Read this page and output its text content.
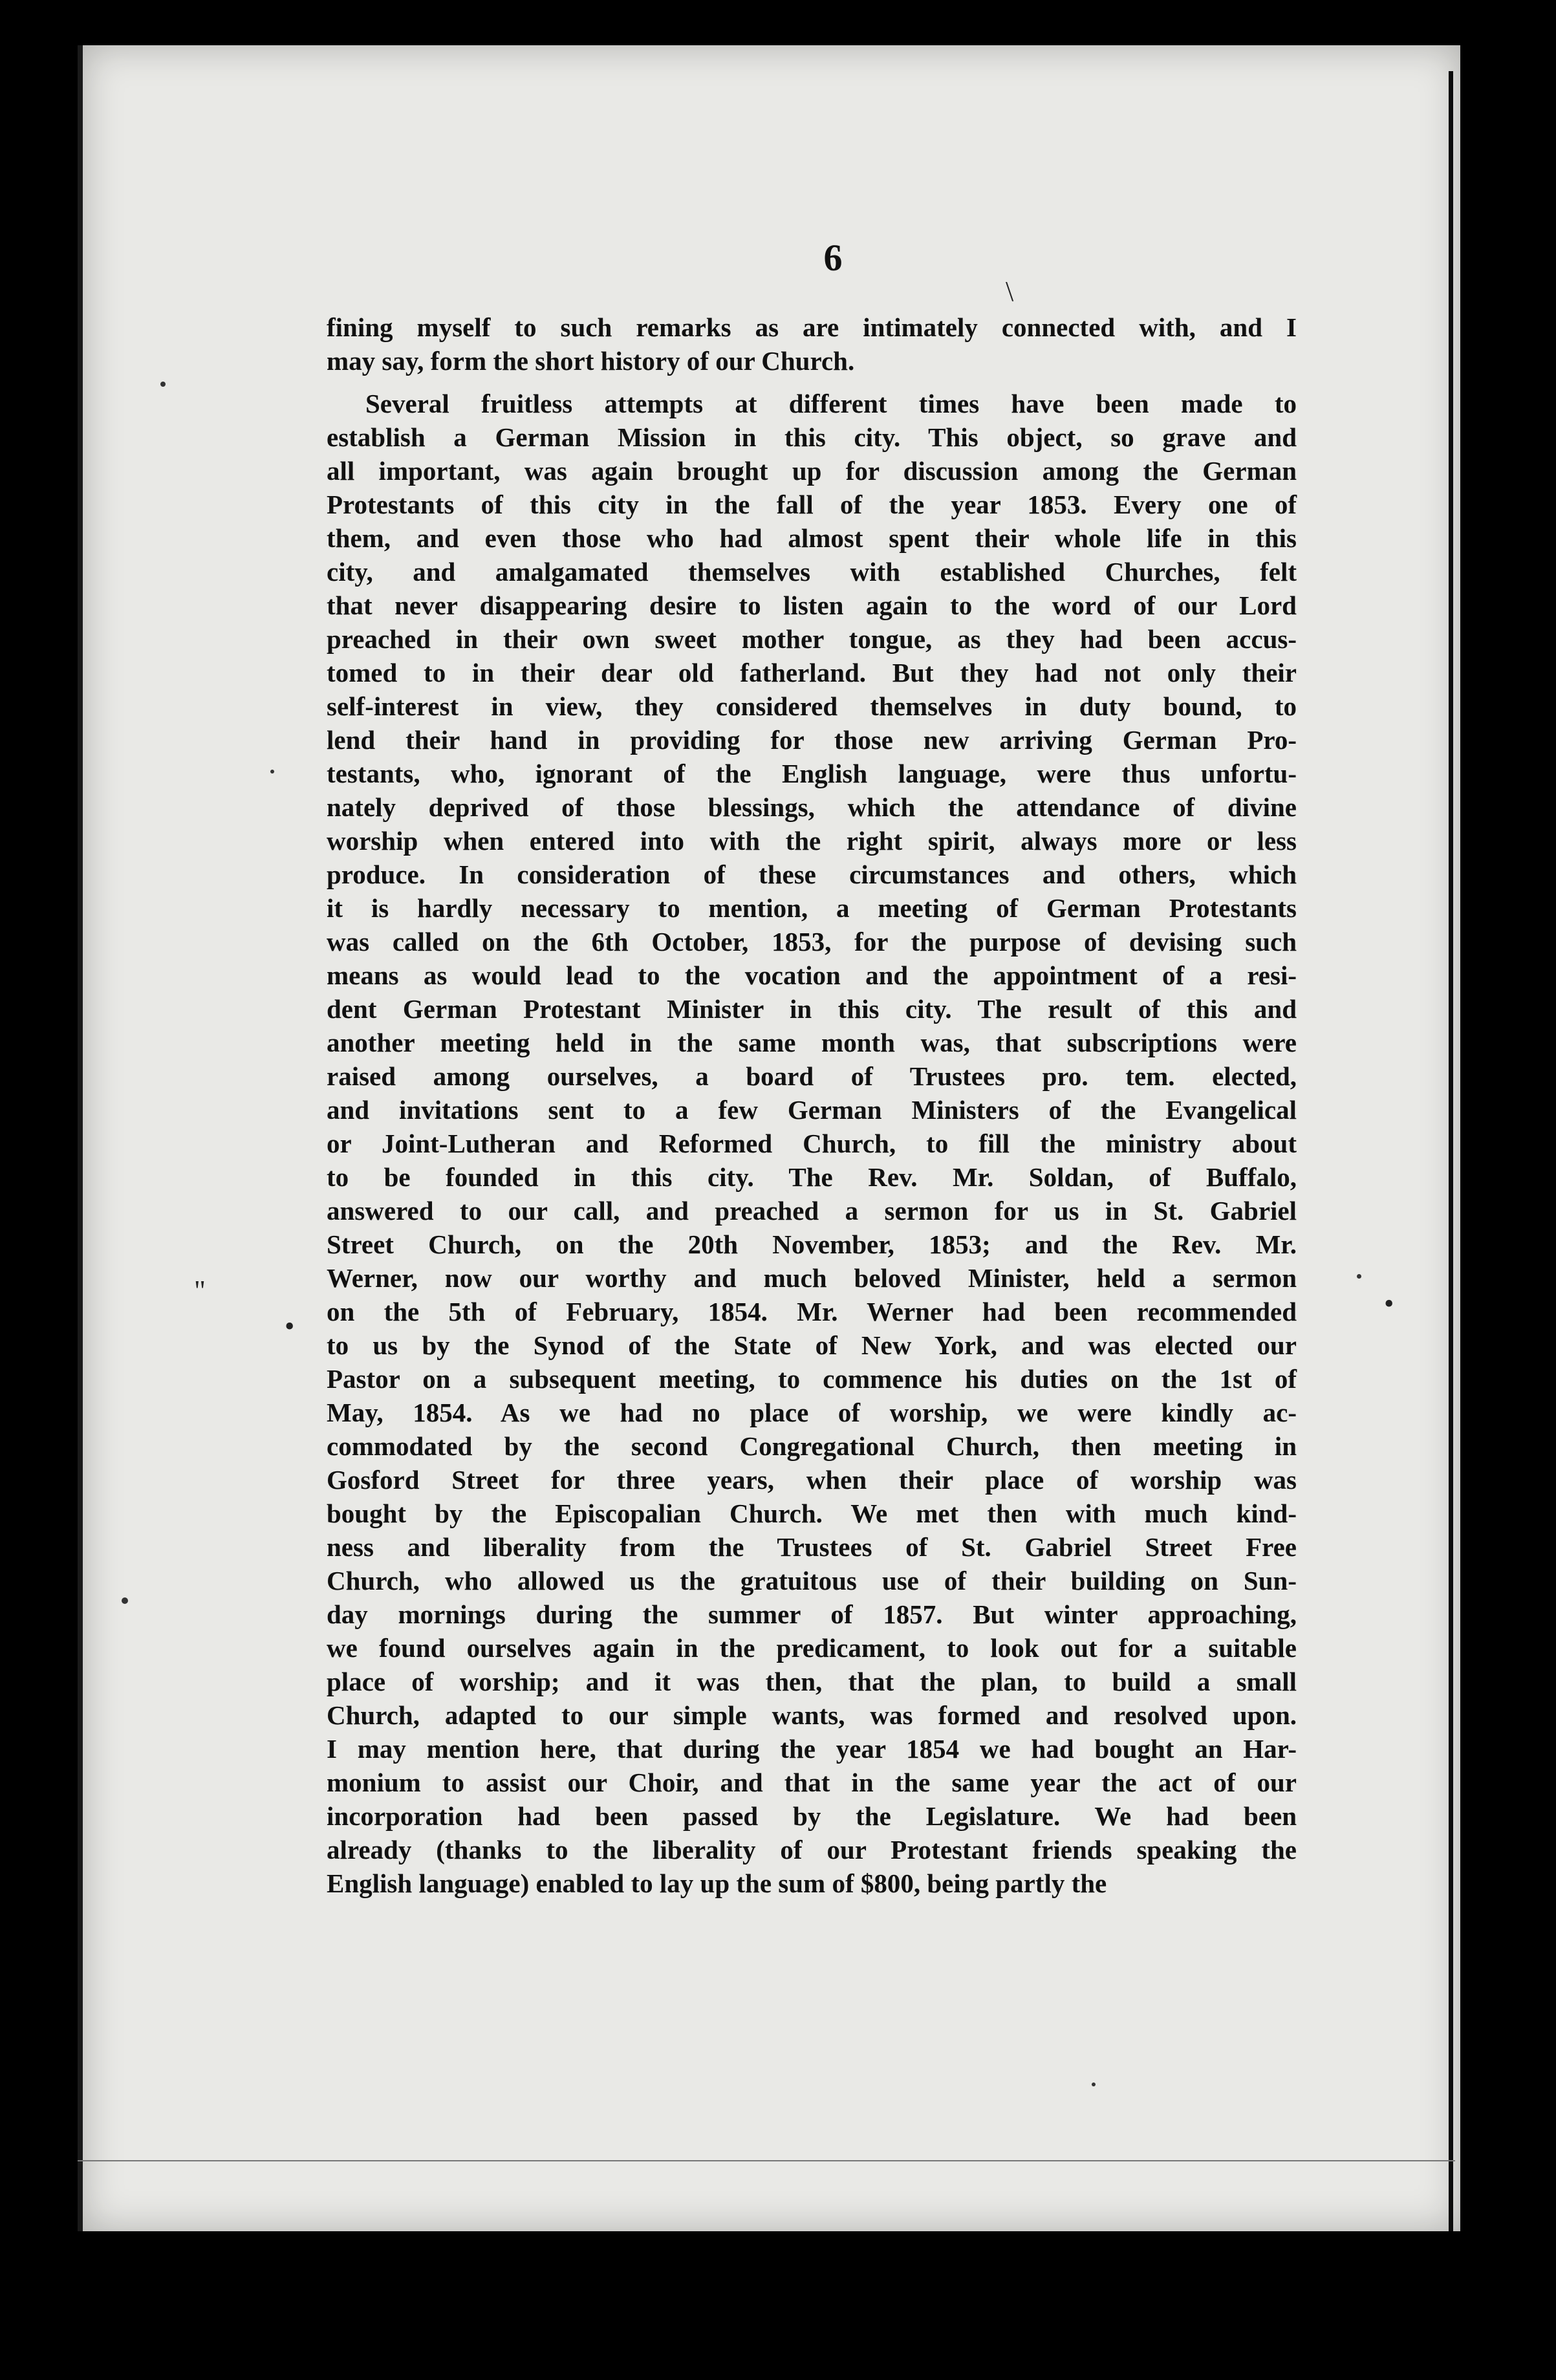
6
fining myself to such remarks as are intimately connected with, and I
may say, form the short history of our Church.
Several fruitless attempts at different times have been made to
establish a German Mission in this city. This object, so grave and
all important, was again brought up for discussion among the German
Protestants of this city in the fall of the year 1853. Every one of
them, and even those who had almost spent their whole life in this
city, and amalgamated themselves with established Churches, felt
that never disappearing desire to listen again to the word of our Lord
preached in their own sweet mother tongue, as they had been accus-
tomed to in their dear old fatherland. But they had not only their
self-interest in view, they considered themselves in duty bound, to
lend their hand in providing for those new arriving German Pro-
testants, who, ignorant of the English language, were thus unfortu-
nately deprived of those blessings, which the attendance of divine
worship when entered into with the right spirit, always more or less
produce. In consideration of these circumstances and others, which
it is hardly necessary to mention, a meeting of German Protestants
was called on the 6th October, 1853, for the purpose of devising such
means as would lead to the vocation and the appointment of a resi-
dent German Protestant Minister in this city. The result of this and
another meeting held in the same month was, that subscriptions were
raised among ourselves, a board of Trustees pro. tem. elected,
and invitations sent to a few German Ministers of the Evangelical
or Joint-Lutheran and Reformed Church, to fill the ministry about
to be founded in this city. The Rev. Mr. Soldan, of Buffalo,
answered to our call, and preached a sermon for us in St. Gabriel
Street Church, on the 20th November, 1853; and the Rev. Mr.
Werner, now our worthy and much beloved Minister, held a sermon
on the 5th of February, 1854. Mr. Werner had been recommended
to us by the Synod of the State of New York, and was elected our
Pastor on a subsequent meeting, to commence his duties on the 1st of
May, 1854. As we had no place of worship, we were kindly ac-
commodated by the second Congregational Church, then meeting in
Gosford Street for three years, when their place of worship was
bought by the Episcopalian Church. We met then with much kind-
ness and liberality from the Trustees of St. Gabriel Street Free
Church, who allowed us the gratuitous use of their building on Sun-
day mornings during the summer of 1857. But winter approaching,
we found ourselves again in the predicament, to look out for a suitable
place of worship; and it was then, that the plan, to build a small
Church, adapted to our simple wants, was formed and resolved upon.
I may mention here, that during the year 1854 we had bought an Har-
monium to assist our Choir, and that in the same year the act of our
incorporation had been passed by the Legislature. We had been
already (thanks to the liberality of our Protestant friends speaking the
English language) enabled to lay up the sum of $800, being partly the
"
•
•
\
